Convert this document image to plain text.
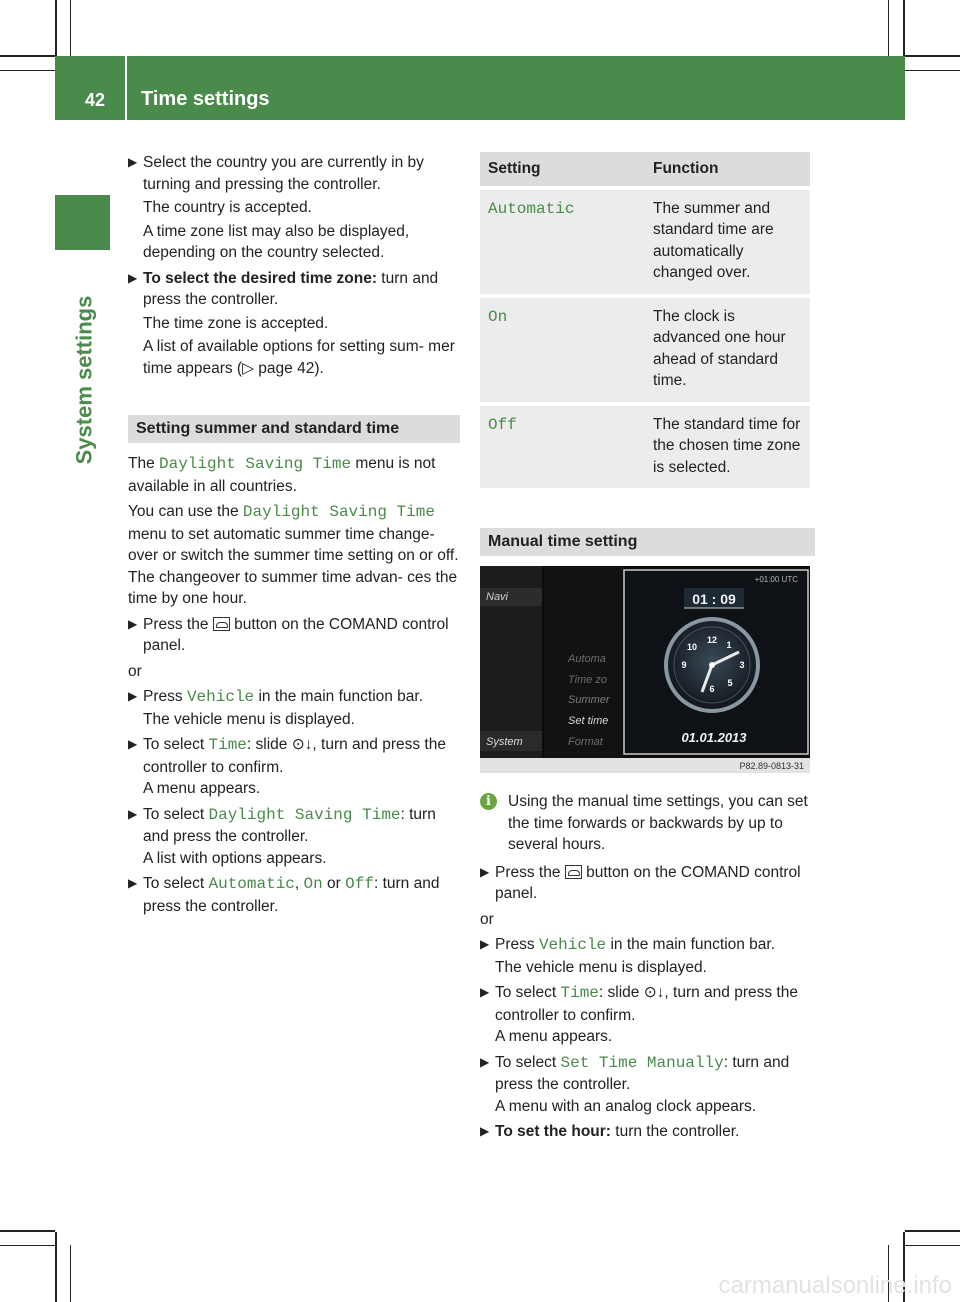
42 Time settings
System settings
▶ Select the country you are currently in by turning and pressing the controller.

The country is accepted.

A time zone list may also be displayed, depending on the country selected.

▶ To select the desired time zone: turn and press the controller.

The time zone is accepted.

A list of available options for setting sum- mer time appears (▷ page 42).

Setting summer and standard time

The Daylight Saving Time menu is not available in all countries.

You can use the Daylight Saving Time menu to set automatic summer time change- over or switch the summer time setting on or off. The changeover to summer time advan- ces the time by one hour.

▶ Press the  button on the COMAND control panel.

or

▶ Press Vehicle in the main function bar.

The vehicle menu is displayed.

▶ To select Time: slide ⊙↓, turn and press the controller to confirm.

A menu appears.

▶ To select Daylight Saving Time: turn and press the controller.

A list with options appears.

▶ To select Automatic, On or Off: turn and press the controller.

Setting	Function
Automatic	The summer and standard time are automatically changed over.
On	The clock is advanced one hour ahead of standard time.
Off	The standard time for the chosen time zone is selected.
Manual time setting
Navi
System
Automa
Time zo
Summer
Set time
Format
+01:00 UTC
01 : 09
01.01.2013
P82.89-0813-31
12 1
3
5
6
9
10
i	Using the manual time settings, you can set the time forwards or backwards by up to several hours.

▶ Press the  button on the COMAND control panel.

or

▶ Press Vehicle in the main function bar.

The vehicle menu is displayed.

▶ To select Time: slide ⊙↓, turn and press the controller to confirm.

A menu appears.

▶ To select Set Time Manually: turn and press the controller.

A menu with an analog clock appears.

▶ To set the hour: turn the controller.

carmanualsonline.info
